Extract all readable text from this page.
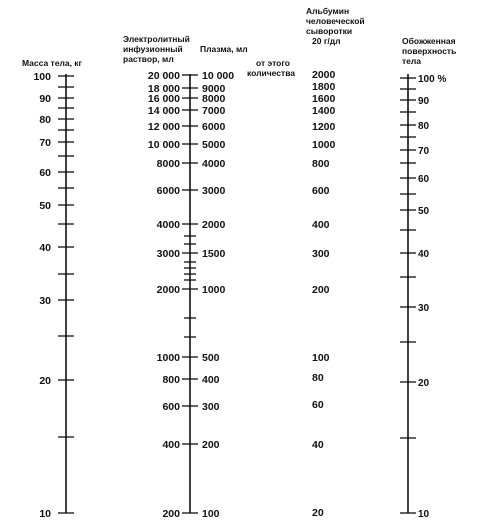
Масса тела, кг
Электролитный
инфузионный
раствор, мл
Плазма, мл
от этого
количества
Альбумин
человеческой
сыворотки
20 г/дл	Обожженная
поверхность
тела
100
90
80
70
60
50
40
30
20
10
20 000
18 000
16 000
14 000
12 000
10 000
8000
6000
4000
3000
2000
1000
800
600
400
200
10 000
9000
8000
7000
6000
5000
4000
3000
2000
1500
1000
500
400
300
200
100
2000
1800
1600
1400
1200
1000
800
600
400
300
200
100
80
60
40
20
100 %
90
80
70
60
50
40
30
20
10
